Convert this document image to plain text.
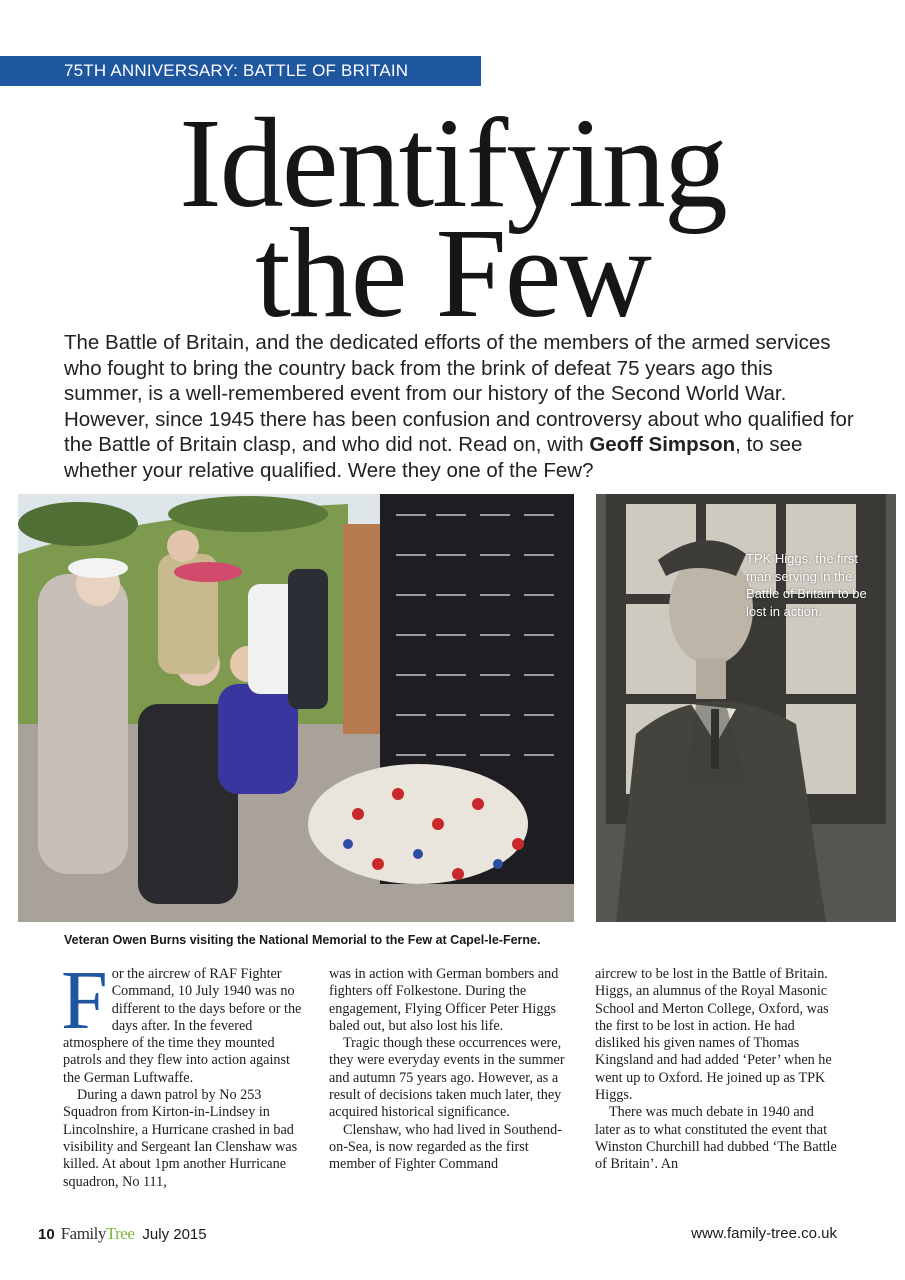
75TH ANNIVERSARY: BATTLE OF BRITAIN
Identifying
the Few
The Battle of Britain, and the dedicated efforts of the members of the armed services who fought to bring the country back from the brink of defeat 75 years ago this summer, is a well-remembered event from our history of the Second World War. However, since 1945 there has been confusion and controversy about who qualified for the Battle of Britain clasp, and who did not. Read on, with Geoff Simpson, to see whether your relative qualified. Were they one of the Few?
TPK Higgs, the first man serving in the Battle of Britain to be lost in action.
Veteran Owen Burns visiting the National Memorial to the Few at Capel-le-Ferne.

For the aircrew of RAF Fighter Command, 10 July 1940 was no different to the days before or the days after. In the fevered atmosphere of the time they mounted patrols and they flew into action against the German Luftwaffe.

During a dawn patrol by No 253 Squadron from Kirton-in-Lindsey in Lincolnshire, a Hurricane crashed in bad visibility and Sergeant Ian Clenshaw was killed. At about 1pm another Hurricane squadron, No 111,

was in action with German bombers and fighters off Folkestone. During the engagement, Flying Officer Peter Higgs baled out, but also lost his life.

Tragic though these occurrences were, they were everyday events in the summer and autumn 75 years ago. However, as a result of decisions taken much later, they acquired historical significance.

Clenshaw, who had lived in Southend-on-Sea, is now regarded as the first member of Fighter Command

aircrew to be lost in the Battle of Britain. Higgs, an alumnus of the Royal Masonic School and Merton College, Oxford, was the first to be lost in action. He had disliked his given names of Thomas Kingsland and had added ‘Peter’ when he went up to Oxford. He joined up as TPK Higgs.

There was much debate in 1940 and later as to what constituted the event that Winston Churchill had dubbed ‘The Battle of Britain’. An

10 FamilyTree July 2015	www.family-tree.co.uk
